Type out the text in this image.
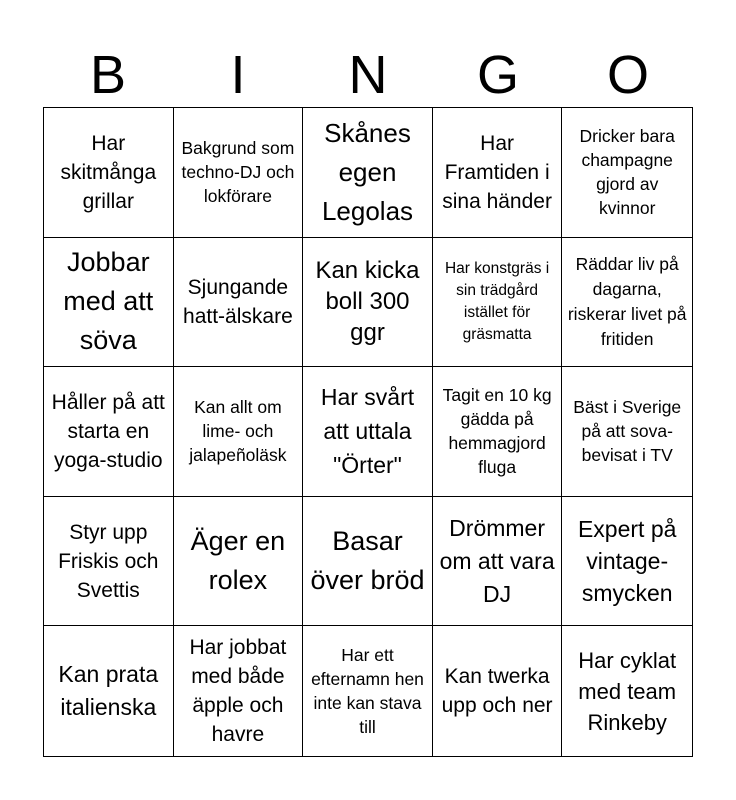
B	I	N	G	O
Har skitmånga grillar
Bakgrund som techno-DJ och lokförare
Skånes egen Legolas
Har Framtiden i sina händer
Dricker bara champagne gjord av kvinnor
Jobbar med att söva
Sjungande hatt-älskare
Kan kicka boll 300 ggr
Har konstgräs i sin trädgård istället för gräsmatta
Räddar liv på dagarna, riskerar livet på fritiden
Håller på att starta en yoga-studio
Kan allt om lime- och jalapeñoläsk
Har svårt att uttala "Örter"
Tagit en 10 kg gädda på hemmagjord fluga
Bäst i Sverige på att sova- bevisat i TV
Styr upp Friskis och Svettis
Äger en rolex
Basar över bröd
Drömmer om att vara DJ
Expert på vintage-smycken
Kan prata italienska
Har jobbat med både äpple och havre
Har ett efternamn hen inte kan stava till
Kan twerka upp och ner
Har cyklat med team Rinkeby
